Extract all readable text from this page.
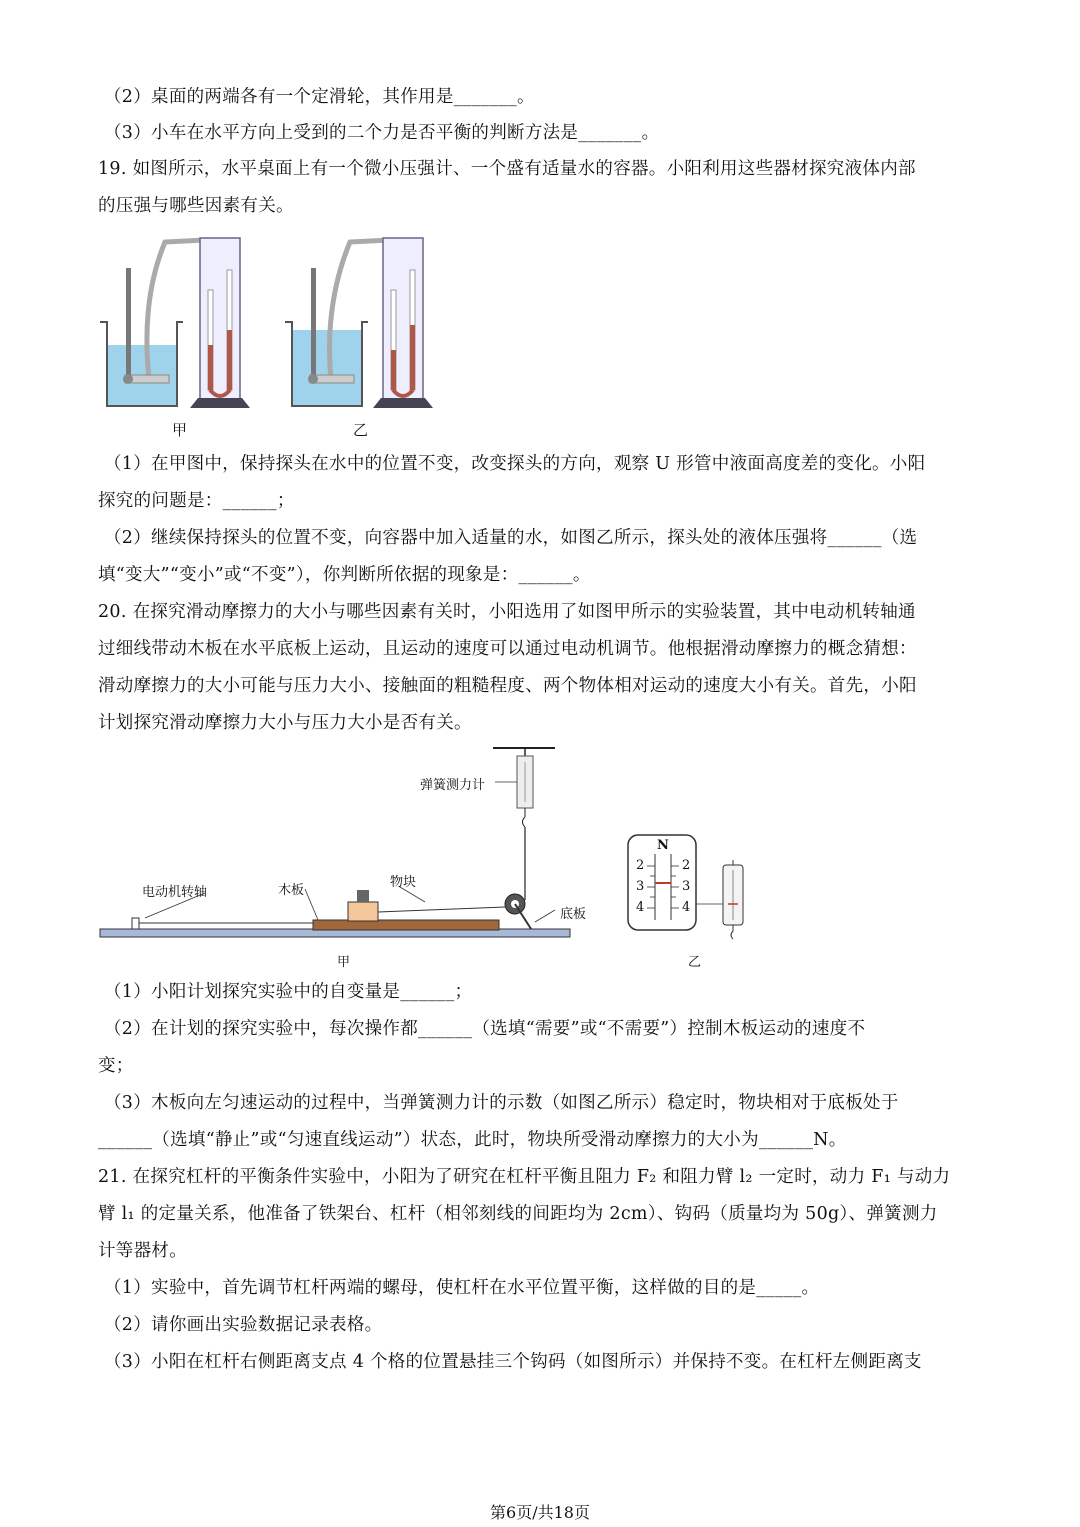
（2）桌面的两端各有一个定滑轮，其作用是_______。
（3）小车在水平方向上受到的二个力是否平衡的判断方法是_______。
19. 如图所示，水平桌面上有一个微小压强计、一个盛有适量水的容器。小阳利用这些器材探究液体内部
的压强与哪些因素有关。
甲	乙
（1）在甲图中，保持探头在水中的位置不变，改变探头的方向，观察 U 形管中液面高度差的变化。小阳
探究的问题是：______；
（2）继续保持探头的位置不变，向容器中加入适量的水，如图乙所示，探头处的液体压强将______（选
填“变大”“变小”或“不变”），你判断所依据的现象是：______。
20. 在探究滑动摩擦力的大小与哪些因素有关时，小阳选用了如图甲所示的实验装置，其中电动机转轴通
过细线带动木板在水平底板上运动，且运动的速度可以通过电动机调节。他根据滑动摩擦力的概念猜想：
滑动摩擦力的大小可能与压力大小、接触面的粗糙程度、两个物体相对运动的速度大小有关。首先，小阳
计划探究滑动摩擦力大小与压力大小是否有关。
弹簧测力计
电动机转轴	木板
物块
底板
甲
N
2
3
4
2
3
4
乙
（1）小阳计划探究实验中的自变量是______；
（2）在计划的探究实验中，每次操作都______（选填“需要”或“不需要”）控制木板运动的速度不
变；
（3）木板向左匀速运动的过程中，当弹簧测力计的示数（如图乙所示）稳定时，物块相对于底板处于
______（选填“静止”或“匀速直线运动”）状态，此时，物块所受滑动摩擦力的大小为______N。
21. 在探究杠杆的平衡条件实验中，小阳为了研究在杠杆平衡且阻力 F₂ 和阻力臂 l₂ 一定时，动力 F₁ 与动力
臂 l₁ 的定量关系，他准备了铁架台、杠杆（相邻刻线的间距均为 2cm）、钩码（质量均为 50g）、弹簧测力
计等器材。
（1）实验中，首先调节杠杆两端的螺母，使杠杆在水平位置平衡，这样做的目的是_____。
（2）请你画出实验数据记录表格。
（3）小阳在杠杆右侧距离支点 4 个格的位置悬挂三个钩码（如图所示）并保持不变。在杠杆左侧距离支
第6页/共18页
